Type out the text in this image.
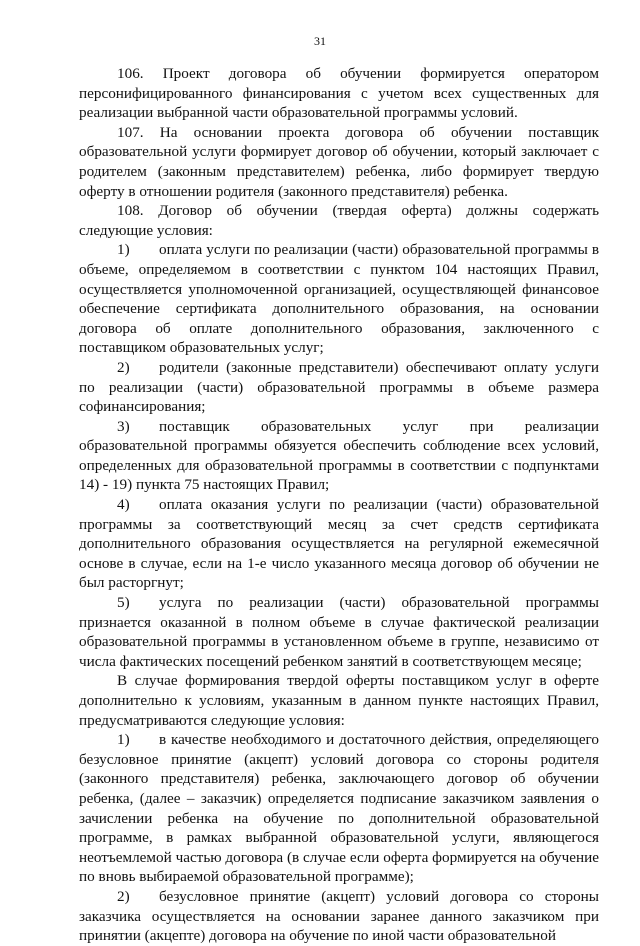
31

106. Проект договора об обучении формируется оператором персонифицированного финансирования с учетом всех существенных для реализации выбранной части образовательной программы условий.

107. На основании проекта договора об обучении поставщик образовательной услуги формирует договор об обучении, который заключает с родителем (законным представителем) ребенка, либо формирует твердую оферту в отношении родителя (законного представителя) ребенка.

108. Договор об обучении (твердая оферта) должны содержать следующие условия:

1) оплата услуги по реализации (части) образовательной программы в объеме, определяемом в соответствии с пунктом 104 настоящих Правил, осуществляется уполномоченной организацией, осуществляющей финансовое обеспечение сертификата дополнительного образования, на основании договора об оплате дополнительного образования, заключенного с поставщиком образовательных услуг;

2) родители (законные представители) обеспечивают оплату услуги по реализации (части) образовательной программы в объеме размера софинансирования;

3) поставщик образовательных услуг при реализации образовательной программы обязуется обеспечить соблюдение всех условий, определенных для образовательной программы в соответствии с подпунктами 14) - 19) пункта 75 настоящих Правил;

4) оплата оказания услуги по реализации (части) образовательной программы за соответствующий месяц за счет средств сертификата дополнительного образования осуществляется на регулярной ежемесячной основе в случае, если на 1-е число указанного месяца договор об обучении не был расторгнут;

5) услуга по реализации (части) образовательной программы признается оказанной в полном объеме в случае фактической реализации образовательной программы в установленном объеме в группе, независимо от числа фактических посещений ребенком занятий в соответствующем месяце;

В случае формирования твердой оферты поставщиком услуг в оферте дополнительно к условиям, указанным в данном пункте настоящих Правил, предусматриваются следующие условия:

1) в качестве необходимого и достаточного действия, определяющего безусловное принятие (акцепт) условий договора со стороны родителя (законного представителя) ребенка, заключающего договор об обучении ребенка, (далее – заказчик) определяется подписание заказчиком заявления о зачислении ребенка на обучение по дополнительной образовательной программе, в рамках выбранной образовательной услуги, являющегося неотъемлемой частью договора (в случае если оферта формируется на обучение по вновь выбираемой образовательной программе);

2) безусловное принятие (акцепт) условий договора со стороны заказчика осуществляется на основании заранее данного заказчиком при принятии (акцепте) договора на обучение по иной части образовательной
